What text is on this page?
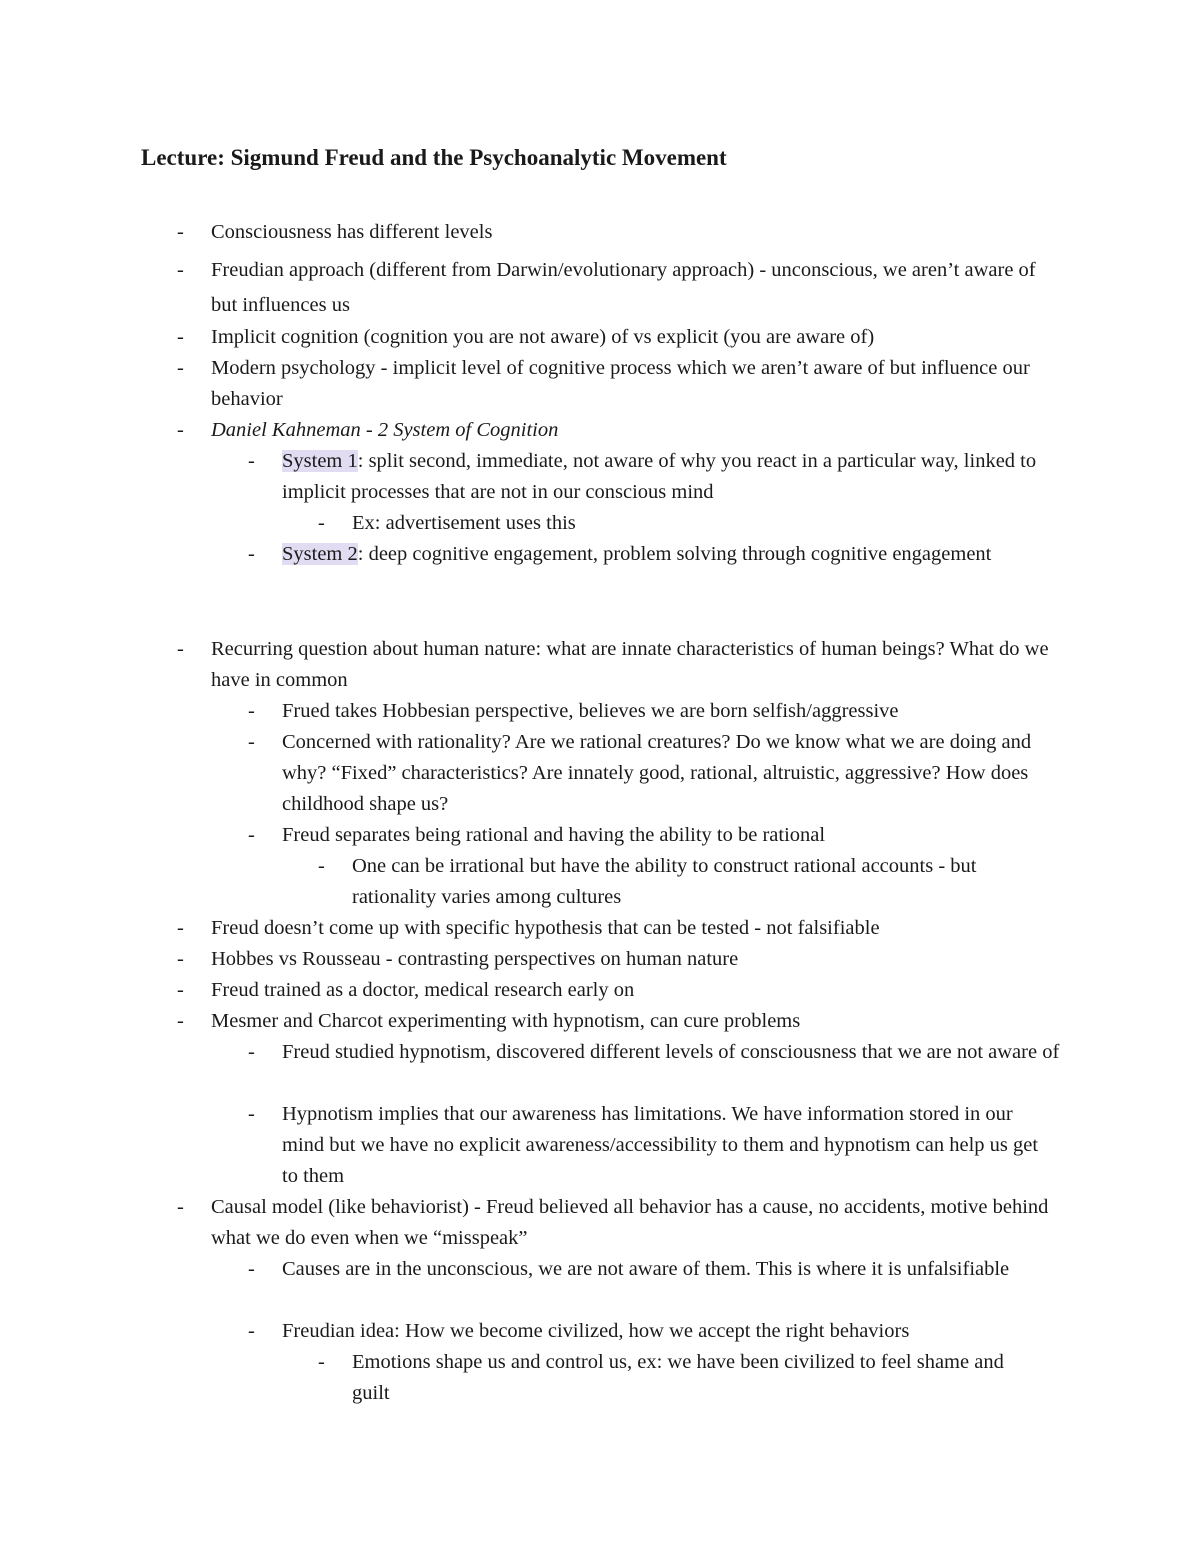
Lecture: Sigmund Freud and the Psychoanalytic Movement
- Consciousness has different levels
- Freudian approach (different from Darwin/evolutionary approach) - unconscious, we aren’t aware of but influences us
- Implicit cognition (cognition you are not aware) of vs explicit (you are aware of)
- Modern psychology - implicit level of cognitive process which we aren’t aware of but influence our behavior
- Daniel Kahneman - 2 System of Cognition
- System 1: split second, immediate, not aware of why you react in a particular way, linked to implicit processes that are not in our conscious mind
- Ex: advertisement uses this
- System 2: deep cognitive engagement, problem solving through cognitive engagement
- Recurring question about human nature: what are innate characteristics of human beings? What do we have in common
- Frued takes Hobbesian perspective, believes we are born selfish/aggressive
- Concerned with rationality? Are we rational creatures? Do we know what we are doing and why? “Fixed” characteristics? Are innately good, rational, altruistic, aggressive? How does childhood shape us?
- Freud separates being rational and having the ability to be rational
- One can be irrational but have the ability to construct rational accounts - but rationality varies among cultures
- Freud doesn’t come up with specific hypothesis that can be tested - not falsifiable
- Hobbes vs Rousseau - contrasting perspectives on human nature
- Freud trained as a doctor, medical research early on
- Mesmer and Charcot experimenting with hypnotism, can cure problems
- Freud studied hypnotism, discovered different levels of consciousness that we are not aware of
- Hypnotism implies that our awareness has limitations. We have information stored in our mind but we have no explicit awareness/accessibility to them and hypnotism can help us get to them
- Causal model (like behaviorist) - Freud believed all behavior has a cause, no accidents, motive behind what we do even when we “misspeak”
- Causes are in the unconscious, we are not aware of them. This is where it is unfalsifiable
- Freudian idea: How we become civilized, how we accept the right behaviors
- Emotions shape us and control us, ex: we have been civilized to feel shame and guilt
